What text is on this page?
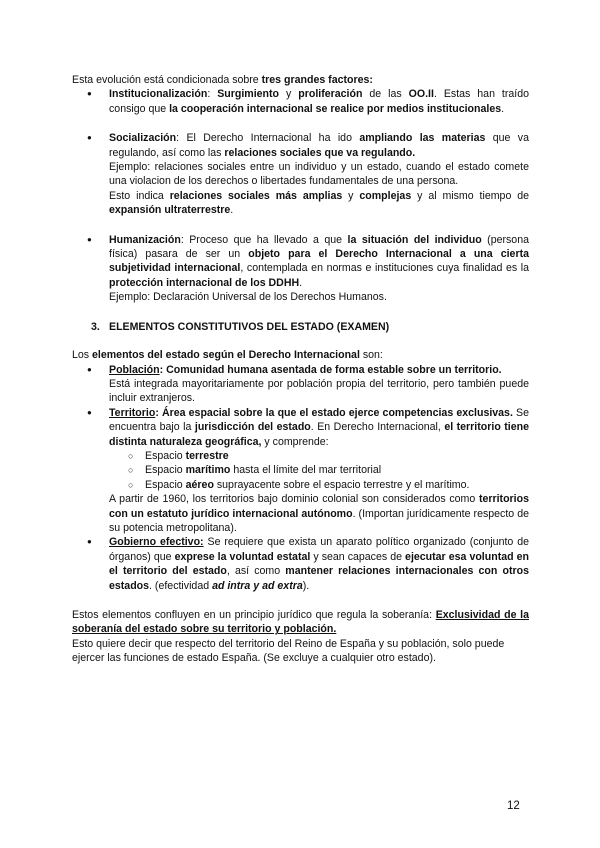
Esta evolución está condicionada sobre tres grandes factores:

● Institucionalización: Surgimiento y proliferación de las OO.II. Estas han traído consigo que la cooperación internacional se realice por medios institucionales.
● Socialización: El Derecho Internacional ha ido ampliando las materias que va regulando, así como las relaciones sociales que va regulando.

Ejemplo: relaciones sociales entre un individuo y un estado, cuando el estado comete una violacion de los derechos o libertades fundamentales de una persona.

Esto indica relaciones sociales más amplias y complejas y al mismo tiempo de expansión ultraterrestre.

● Humanización: Proceso que ha llevado a que la situación del individuo (persona física) pasara de ser un objeto para el Derecho Internacional a una cierta subjetividad internacional, contemplada en normas e instituciones cuya finalidad es la protección internacional de los DDHH.

Ejemplo: Declaración Universal de los Derechos Humanos.

3. ELEMENTOS CONSTITUTIVOS DEL ESTADO (EXAMEN)

Los elementos del estado según el Derecho Internacional son:

● Población: Comunidad humana asentada de forma estable sobre un territorio.

Está integrada mayoritariamente por población propia del territorio, pero también puede incluir extranjeros.

● Territorio: Área espacial sobre la que el estado ejerce competencias exclusivas. Se encuentra bajo la jurisdicción del estado. En Derecho Internacional, el territorio tiene distinta naturaleza geográfica, y comprende:
○ Espacio terrestre
○ Espacio marítimo hasta el límite del mar territorial
○ Espacio aéreo suprayacente sobre el espacio terrestre y el marítimo.

A partir de 1960, los territorios bajo dominio colonial son considerados como territorios con un estatuto jurídico internacional autónomo. (Importan jurídicamente respecto de su potencia metropolitana).

● Gobierno efectivo: Se requiere que exista un aparato político organizado (conjunto de órganos) que exprese la voluntad estatal y sean capaces de ejecutar esa voluntad en el territorio del estado, así como mantener relaciones internacionales con otros estados. (efectividad ad intra y ad extra).

Estos elementos confluyen en un principio jurídico que regula la soberanía: Exclusividad de la soberanía del estado sobre su territorio y población.

Esto quiere decir que respecto del territorio del Reino de España y su población, solo puede ejercer las funciones de estado España. (Se excluye a cualquier otro estado).

12
